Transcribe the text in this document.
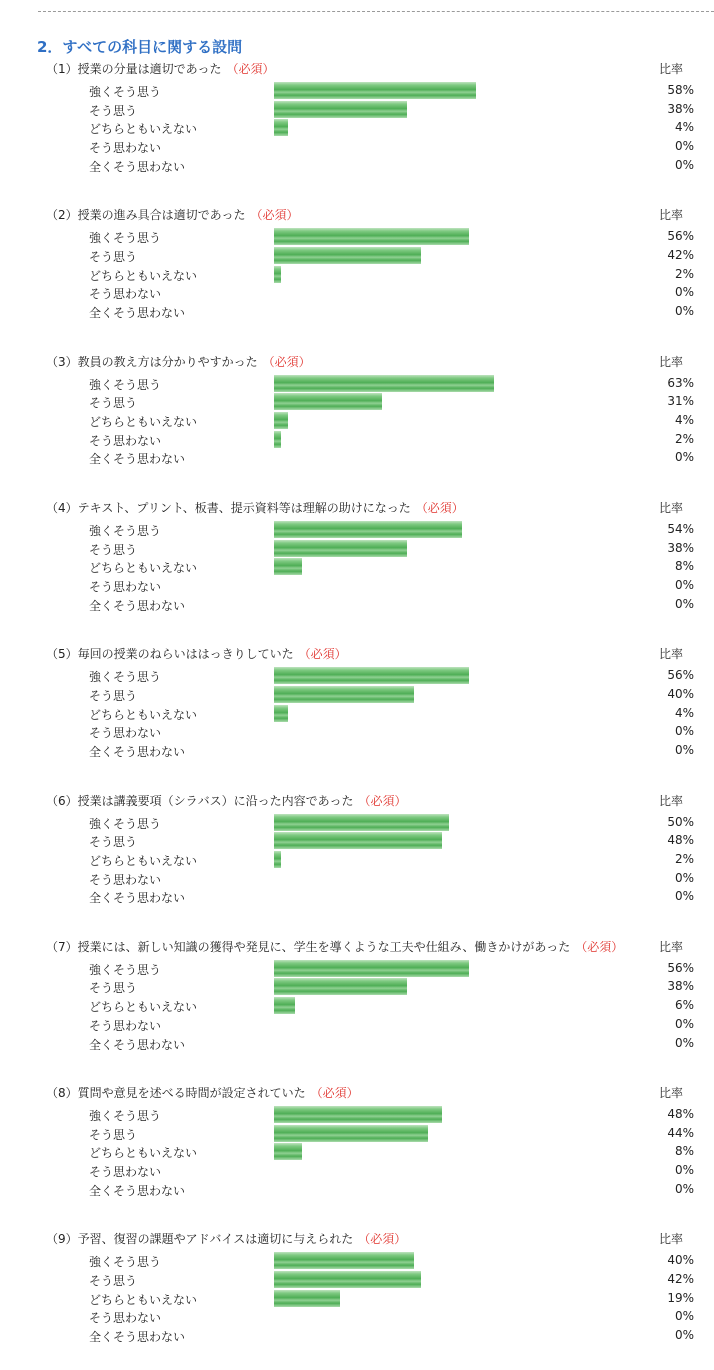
2．すべての科目に関する設問
（1）授業の分量は適切であった （必須）	比率
強くそう思う	58%
そう思う	38%
どちらともいえない	4%
そう思わない	0%
全くそう思わない	0%
（2）授業の進み具合は適切であった （必須）	比率
強くそう思う	56%
そう思う	42%
どちらともいえない	2%
そう思わない	0%
全くそう思わない	0%
（3）教員の教え方は分かりやすかった （必須）	比率
強くそう思う	63%
そう思う	31%
どちらともいえない	4%
そう思わない	2%
全くそう思わない	0%
（4）テキスト、プリント、板書、提示資料等は理解の助けになった （必須）	比率
強くそう思う	54%
そう思う	38%
どちらともいえない	8%
そう思わない	0%
全くそう思わない	0%
（5）毎回の授業のねらいははっきりしていた （必須）	比率
強くそう思う	56%
そう思う	40%
どちらともいえない	4%
そう思わない	0%
全くそう思わない	0%
（6）授業は講義要項（シラバス）に沿った内容であった （必須）	比率
強くそう思う	50%
そう思う	48%
どちらともいえない	2%
そう思わない	0%
全くそう思わない	0%
（7）授業には、新しい知識の獲得や発見に、学生を導くような工夫や仕組み、働きかけがあった （必須）	比率
強くそう思う	56%
そう思う	38%
どちらともいえない	6%
そう思わない	0%
全くそう思わない	0%
（8）質問や意見を述べる時間が設定されていた （必須）	比率
強くそう思う	48%
そう思う	44%
どちらともいえない	8%
そう思わない	0%
全くそう思わない	0%
（9）予習、復習の課題やアドバイスは適切に与えられた （必須）	比率
強くそう思う	40%
そう思う	42%
どちらともいえない	19%
そう思わない	0%
全くそう思わない	0%
